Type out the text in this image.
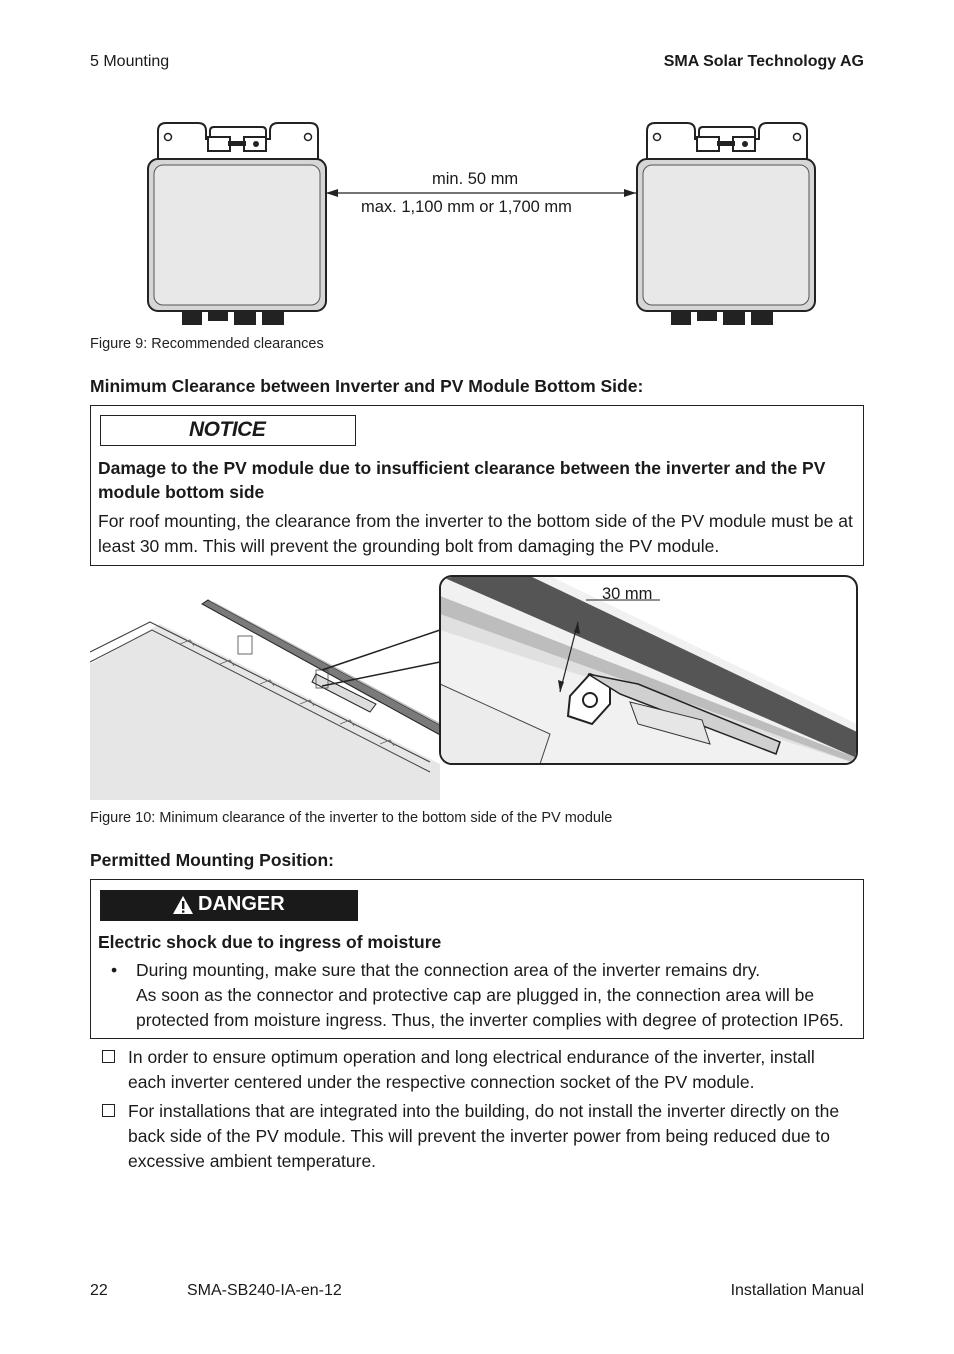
5 Mounting	SMA Solar Technology AG
min. 50 mm
max. 1,100 mm or 1,700 mm
Figure 9: Recommended clearances
Minimum Clearance between Inverter and PV Module Bottom Side:
NOTICE
Damage to the PV module due to insufficient clearance between the inverter and the PV module bottom side
For roof mounting, the clearance from the inverter to the bottom side of the PV module must be at least 30 mm. This will prevent the grounding bolt from damaging the PV module.
30 mm
Figure 10: Minimum clearance of the inverter to the bottom side of the PV module
Permitted Mounting Position:
DANGER
Electric shock due to ingress of moisture
• During mounting, make sure that the connection area of the inverter remains dry.
As soon as the connector and protective cap are plugged in, the connection area will be protected from moisture ingress. Thus, the inverter complies with degree of protection IP65.
In order to ensure optimum operation and long electrical endurance of the inverter, install each inverter centered under the respective connection socket of the PV module.
For installations that are integrated into the building, do not install the inverter directly on the back side of the PV module. This will prevent the inverter power from being reduced due to excessive ambient temperature.
22	SMA-SB240-IA-en-12	Installation Manual
